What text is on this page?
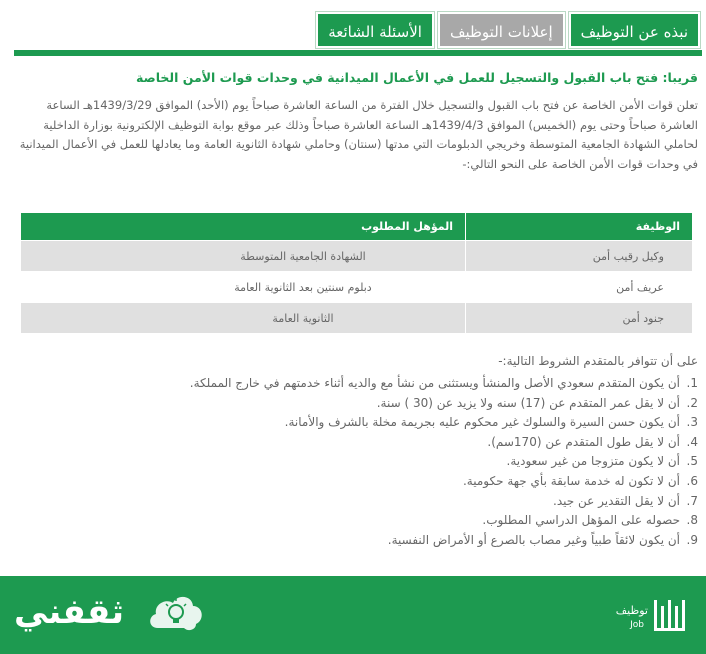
نبذه عن التوظيف
إعلانات التوظيف
الأسئلة الشائعة
قريبا: فتح باب القبول والتسجيل للعمل في الأعمال الميدانية في وحدات قوات الأمن الخاصة
تعلن قوات الأمن الخاصة عن فتح باب القبول والتسجيل خلال الفترة من الساعة العاشرة صباحاً يوم (الأحد) الموافق 1439/3/29هـ الساعة العاشرة صباحاً وحتى يوم (الخميس) الموافق 1439/4/3هـ الساعة العاشرة صباحاً وذلك عبر موقع بوابة التوظيف الإلكترونية بوزارة الداخلية لحاملي الشهادة الجامعية المتوسطة وخريجي الدبلومات التي مدتها (سنتان) وحاملي شهادة الثانوية العامة وما يعادلها للعمل في الأعمال الميدانية في وحدات قوات الأمن الخاصة على النحو التالي:-
الوظيفة	المؤهل المطلوب
وكيل رقيب أمن	الشهادة الجامعية المتوسطة
عريف أمن	دبلوم سنتين بعد الثانوية العامة
جنود أمن	الثانوية العامة
على أن تتوافر بالمتقدم الشروط التالية:-
1.أن يكون المتقدم سعودي الأصل والمنشأ ويستثنى من نشأ مع والديه أثناء خدمتهم في خارج المملكة.
2.أن لا يقل عمر المتقدم عن (17) سنه ولا يزيد عن (30 ) سنة.
3.أن يكون حسن السيرة والسلوك غير محكوم عليه بجريمة مخلة بالشرف والأمانة.
4.أن لا يقل طول المتقدم عن (170سم).
5.أن لا يكون متزوجا من غير سعودية.
6.أن لا تكون له خدمة سابقة بأي جهة حكومية.
7.أن لا يقل التقدير عن جيد.
8.حصوله على المؤهل الدراسي المطلوب.
9.أن يكون لائقاً طبياً وغير مصاب بالصرع أو الأمراض النفسية.
ثقفني	توظيف
Job
